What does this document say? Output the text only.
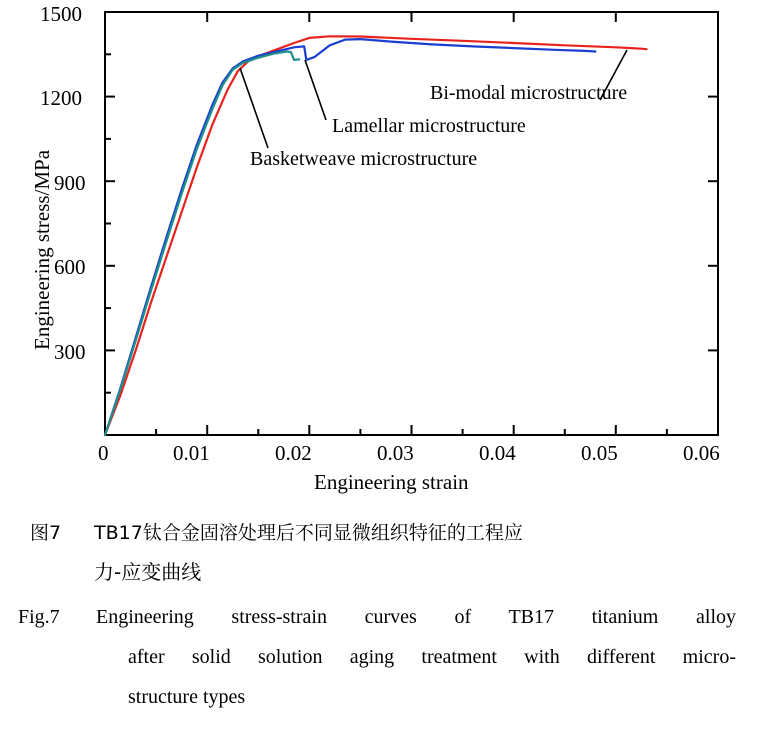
1500
1200
900
600
300
0	0.01	0.02	0.03	0.04	0.05	0.06
Engineering stress/MPa
Engineering strain
Bi-modal microstructure
Lamellar microstructure
Basketweave microstructure
图7 TB17钛合金固溶处理后不同显微组织特征的工程应
力-应变曲线
Fig.7 Engineering stress-strain curves of TB17 titanium alloy
after solid solution aging treatment with different micro-
structure types
